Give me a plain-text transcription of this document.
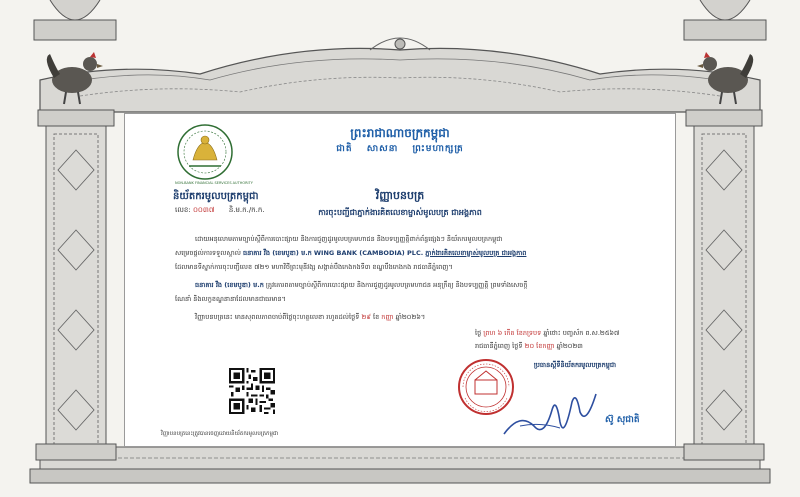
NON-BANK FINANCIAL SERVICES AUTHORITY
ព្រះរាជាណាចក្រកម្ពុជា
ជាតិ សាសនា ព្រះមហាក្សត្រ
និយ័តករមូលបត្រកម្ពុជា
លេខ: ០០៣៧ និ.ម.ក./ក.ក.
វិញ្ញាបនបត្រ
ការចុះបញ្ជីជាភ្នាក់ងារគិតលេខាម្ចាស់មូលបត្រ ជាអង្គភាព
ដោយអនុលោមតាមច្បាប់ស្តីពីការបោះផ្សាយ និងការជួញដូរមូលបត្រមហាជន និងបទប្បញ្ញត្តិពាក់ព័ន្ធផ្សេងៗ និយ័តករមូលបត្រកម្ពុជា
សម្រេចផ្តល់ការទទួលស្គាល់ ធនាគារ វីង (ខេមបូឌា) ម.ក WING BANK (CAMBODIA) PLC. ភ្នាក់ងារគិតលេខាម្ចាស់មូលបត្រ ជាអង្គភាព
ដែលមានទីស្នាក់ការចុះបញ្ជីលេខ ៧២១ មហាវិថីព្រះមុនីវង្ស សង្កាត់បឹងកេងកងទី៣ ខណ្ឌបឹងកេងកង រាជធានីភ្នំពេញ។
ធនាគារ វីង (ខេមបូឌា) ម.ក ត្រូវគោរពតាមច្បាប់ស្តីពីការបោះផ្សាយ និងការជួញដូរមូលបត្រមហាជន អនុក្រឹត្យ និងបទប្បញ្ញត្តិ ព្រមទាំងសេចក្តី
ណែនាំ និងលក្ខខណ្ឌនានាដែលមានជាធរមាន។
វិញ្ញាបនបត្រនេះ មានសុពលភាពចាប់ពីថ្ងៃចុះហត្ថលេខា រហូតដល់ថ្ងៃទី ២៩ ខែ កញ្ញា ឆ្នាំ២០២៦។
ថ្ងៃ ព្រហ ៦ កើត ខែភទ្របទ ឆ្នាំថោះ បញ្ចស័ក ព.ស.២៥៦៧
រាជធានីភ្នំពេញ ថ្ងៃទី ២០ ខែកញ្ញា ឆ្នាំ២០២៣
ប្រធានស្តីទីនិយ័តករមូលបត្រកម្ពុជា
ស៊ូ សុជាតិ
វិញ្ញាបនបត្រនេះត្រូវបានចេញដោយនិយ័តករមូលបត្រកម្ពុជា
